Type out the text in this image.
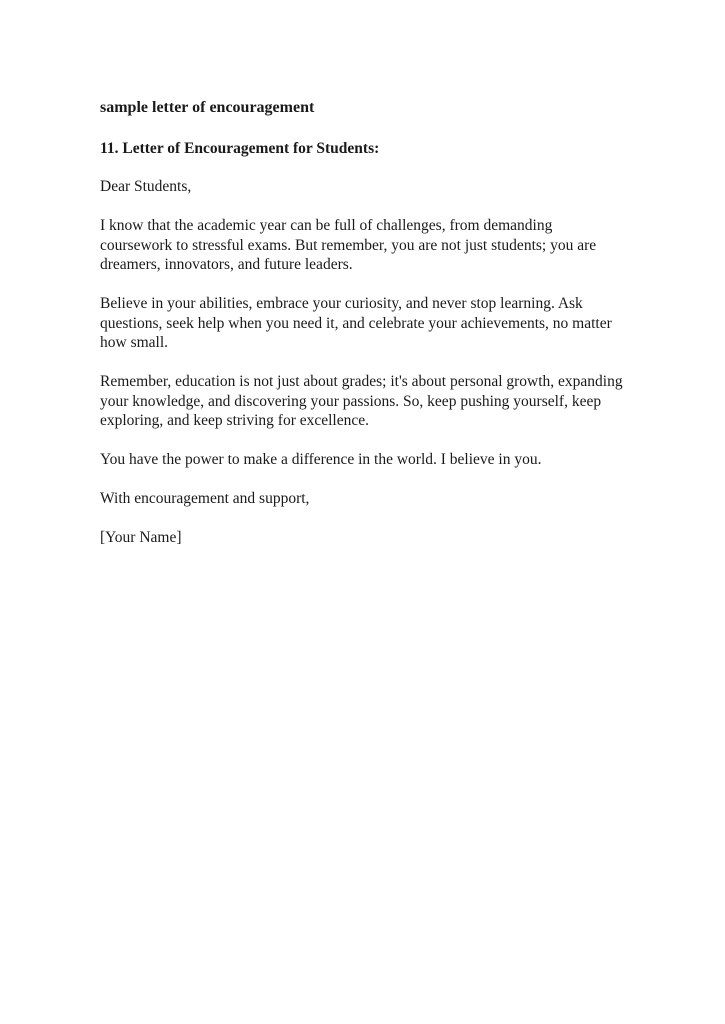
sample letter of encouragement
11. Letter of Encouragement for Students:

Dear Students,

I know that the academic year can be full of challenges, from demanding coursework to stressful exams. But remember, you are not just students; you are dreamers, innovators, and future leaders.

Believe in your abilities, embrace your curiosity, and never stop learning. Ask questions, seek help when you need it, and celebrate your achievements, no matter how small.

Remember, education is not just about grades; it's about personal growth, expanding your knowledge, and discovering your passions. So, keep pushing yourself, keep exploring, and keep striving for excellence.

You have the power to make a difference in the world. I believe in you.

With encouragement and support,

[Your Name]
